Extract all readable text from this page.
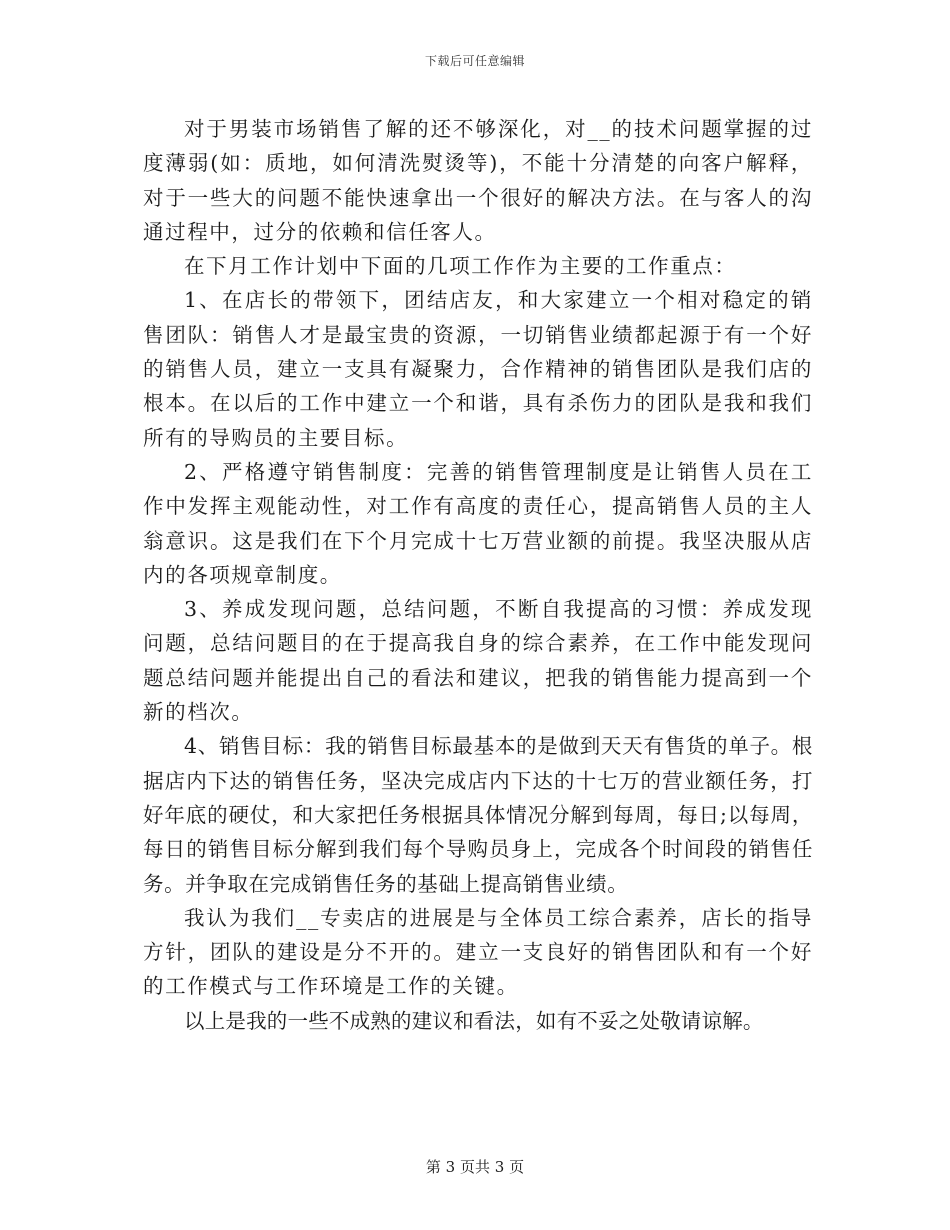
下载后可任意编辑

对于男装市场销售了解的还不够深化，对__的技术问题掌握的过度薄弱(如：质地，如何清洗熨烫等)，不能十分清楚的向客户解释，对于一些大的问题不能快速拿出一个很好的解决方法。在与客人的沟通过程中，过分的依赖和信任客人。

在下月工作计划中下面的几项工作作为主要的工作重点：

1、在店长的带领下，团结店友，和大家建立一个相对稳定的销售团队：销售人才是最宝贵的资源，一切销售业绩都起源于有一个好的销售人员，建立一支具有凝聚力，合作精神的销售团队是我们店的根本。在以后的工作中建立一个和谐，具有杀伤力的团队是我和我们所有的导购员的主要目标。

2、严格遵守销售制度：完善的销售管理制度是让销售人员在工作中发挥主观能动性，对工作有高度的责任心，提高销售人员的主人翁意识。这是我们在下个月完成十七万营业额的前提。我坚决服从店内的各项规章制度。

3、养成发现问题，总结问题，不断自我提高的习惯：养成发现问题，总结问题目的在于提高我自身的综合素养，在工作中能发现问题总结问题并能提出自己的看法和建议，把我的销售能力提高到一个新的档次。

4、销售目标：我的销售目标最基本的是做到天天有售货的单子。根据店内下达的销售任务，坚决完成店内下达的十七万的营业额任务，打好年底的硬仗，和大家把任务根据具体情况分解到每周，每日;以每周，每日的销售目标分解到我们每个导购员身上，完成各个时间段的销售任务。并争取在完成销售任务的基础上提高销售业绩。

我认为我们__专卖店的进展是与全体员工综合素养，店长的指导方针，团队的建设是分不开的。建立一支良好的销售团队和有一个好的工作模式与工作环境是工作的关键。

以上是我的一些不成熟的建议和看法，如有不妥之处敬请谅解。

第 3 页共 3 页
